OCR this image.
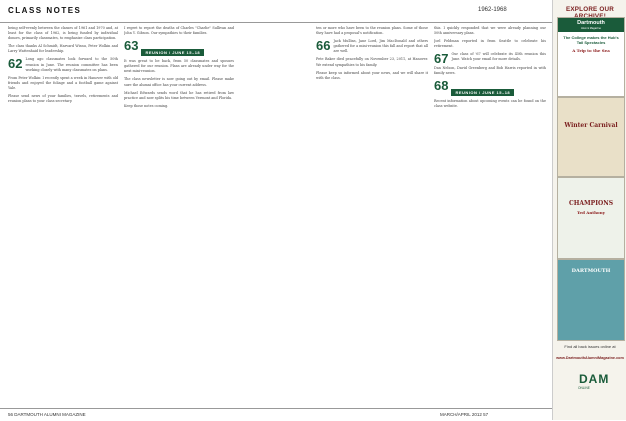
CLASS NOTES	1962-1968

being self-evenly between the classes of 1961 and 1970 and, at least for the class of 1962, is being funded by individual donors, primarily classmates, to emphasize class participation.

The class thanks Al Schmidt, Harvard Wisnu, Peter Wolkin and Larry Wattenhaid for leadership.

62 Long ago classmates look forward to the 50th reunion in June. The reunion committee has been working closely with many classmates on plans.

From Peter Wolkin: I recently spent a week in Hanover with old friends and enjoyed the foliage and a football game against Yale.

Please send news of your families, travels, retirements and reunion plans to your class secretary.

I regret to report the deaths of Charles "Charlie" Sullivan and John Y. Gibson. Our sympathies to their families.

REUNION / JUNE 15–18
63

It was great to be back, from 50 classmates and spouses gathered for our reunion. Plans are already under way for the next mini-reunion.

The class newsletter is now going out by email. Please make sure the alumni office has your current address.

Michael Edwards sends word that he has retired from law practice and now splits his time between Vermont and Florida.

Keep those notes coming.

ten or more who have been to the reunion plans. Some of those they have had a proposal's notification.

66 Jack Mullins, Jane Lord, Jim MacDonald and others gathered for a mini-reunion this fall and report that all are well.

Pete Baker died peacefully on November 23, 2011, at Hanover. We extend sympathies to his family.

Please keep us informed about your news, and we will share it with the class.

this. I quickly responded that we were already planning our 50th anniversary plans.

Joel Feldman reported in from Seattle to celebrate his retirement.

67 Our class of '67 will celebrate its 45th reunion this June. Watch your email for more details.

Dan Nelson, David Greenberg and Bob Harris reported in with family news.

REUNION / JUNE 15–18
68

Recent information about upcoming events can be found on the class website.

EXPLORE OUR
Dartmouth
Alumni Magazine
The College makes the Hub's Tail Spectacles
A Trip to the Sea
Winter Carnival
CHAMPIONS
Ted Anthony
DARTMOUTH
Find all back issues online at
www.DartmouthAlumniMagazine.com
DAM
ONLINE
56 DARTMOUTH ALUMNI MAGAZINE	MARCH/APRIL 2012 57
